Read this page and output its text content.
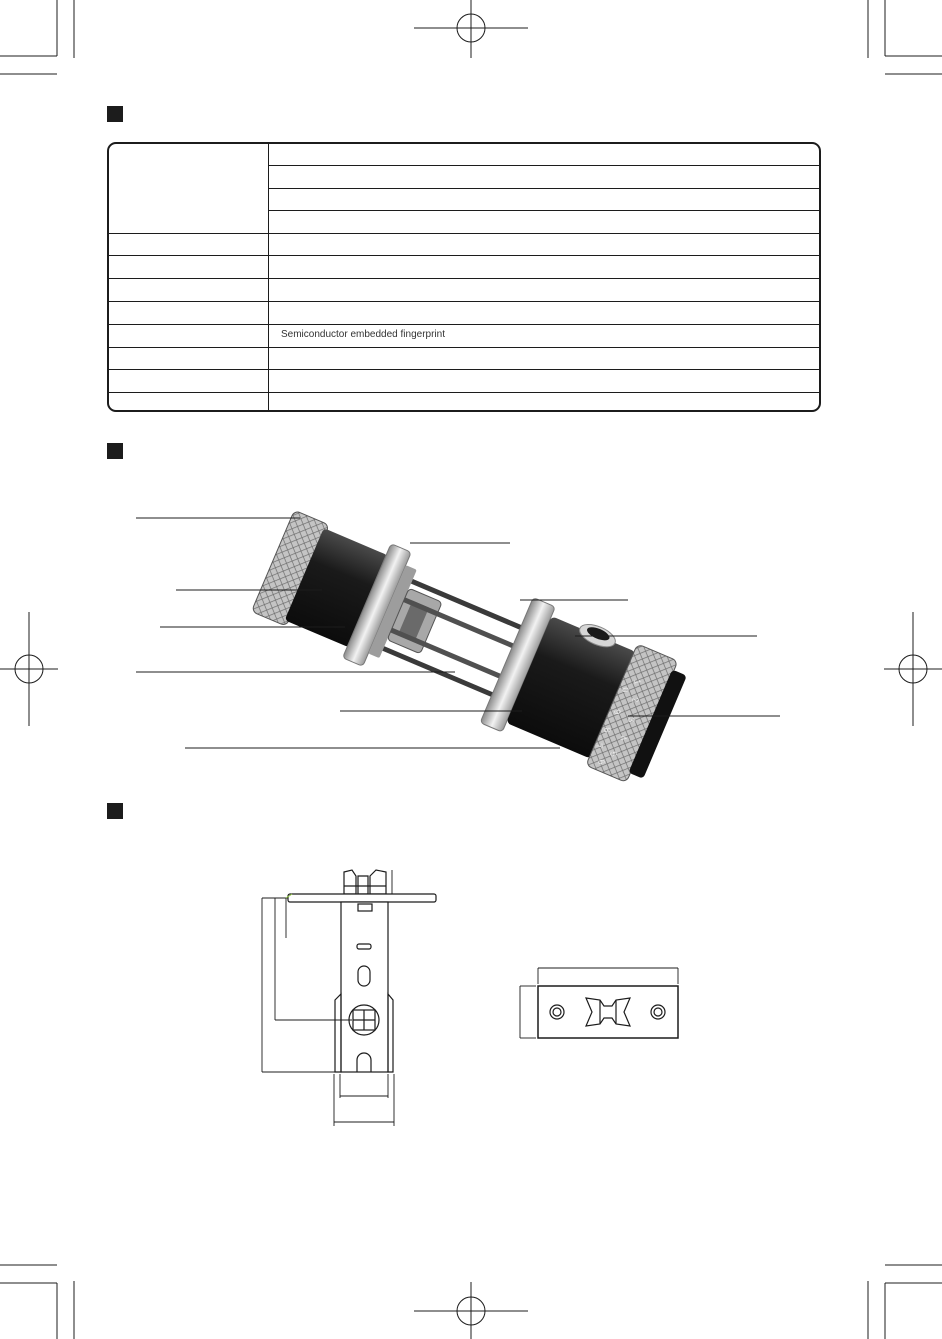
Semiconductor embedded fingerprint
1
0
2
9
3
8
4
7
5
6
